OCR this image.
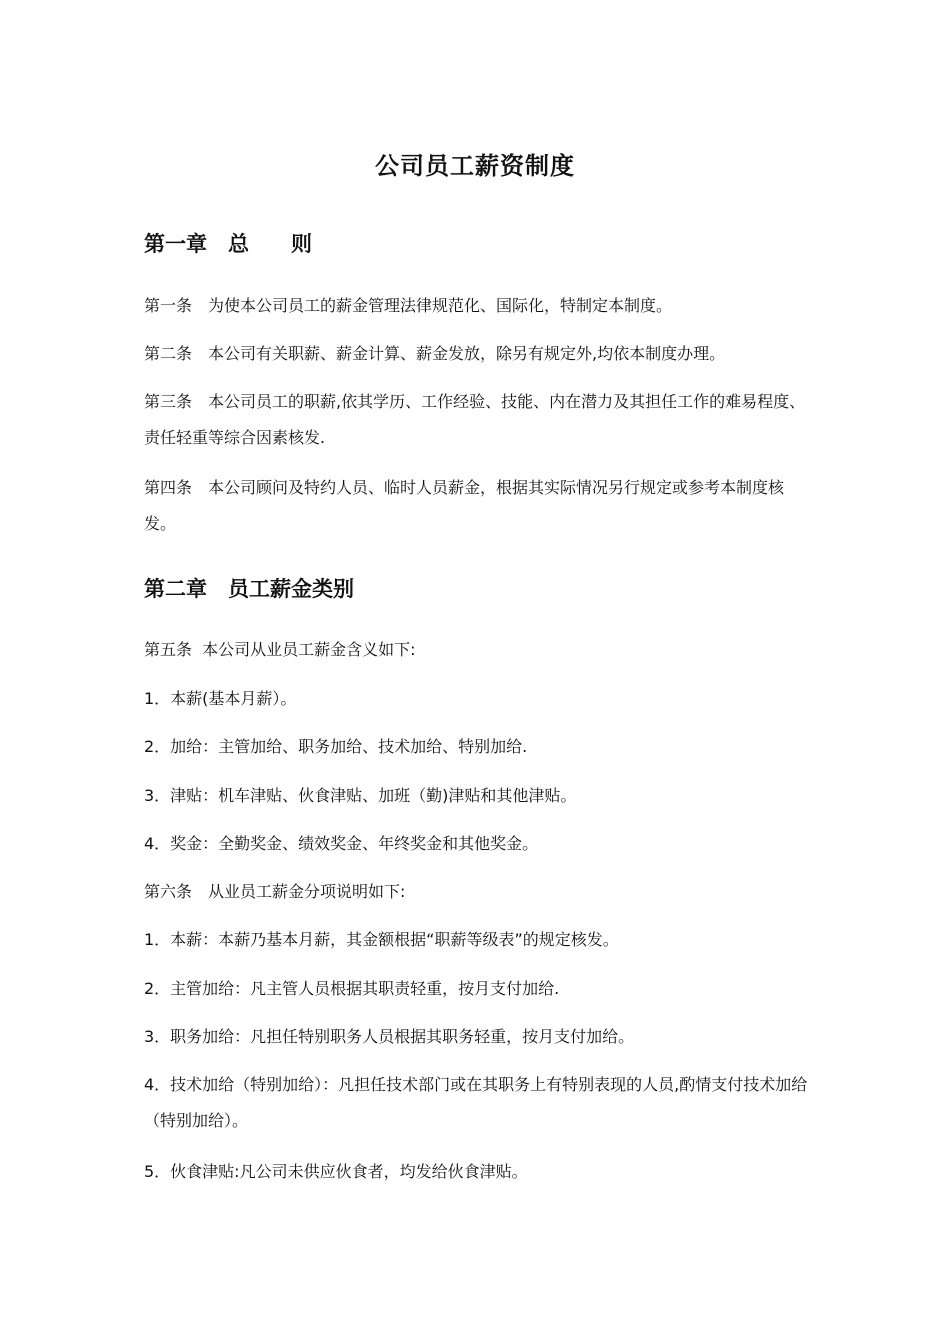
公司员工薪资制度
第一章　总　　则
第一条　为使本公司员工的薪金管理法律规范化、国际化，特制定本制度。
第二条　本公司有关职薪、薪金计算、薪金发放，除另有规定外,均依本制度办理。
第三条　本公司员工的职薪,依其学历、工作经验、技能、内在潜力及其担任工作的难易程度、责任轻重等综合因素核发.
第四条　本公司顾问及特约人员、临时人员薪金，根据其实际情况另行规定或参考本制度核发。
第二章　员工薪金类别
第五条  本公司从业员工薪金含义如下:
1．本薪(基本月薪）。
2．加给：主管加给、职务加给、技术加给、特别加给.
3．津贴：机车津贴、伙食津贴、加班（勤)津贴和其他津贴。
4．奖金：全勤奖金、绩效奖金、年终奖金和其他奖金。
第六条　从业员工薪金分项说明如下:
1．本薪：本薪乃基本月薪，其金额根据“职薪等级表”的规定核发。
2．主管加给：凡主管人员根据其职责轻重，按月支付加给.
3．职务加给：凡担任特别职务人员根据其职务轻重，按月支付加给。
4．技术加给（特别加给）：凡担任技术部门或在其职务上有特别表现的人员,酌情支付技术加给（特别加给）。
5．伙食津贴:凡公司未供应伙食者，均发给伙食津贴。
